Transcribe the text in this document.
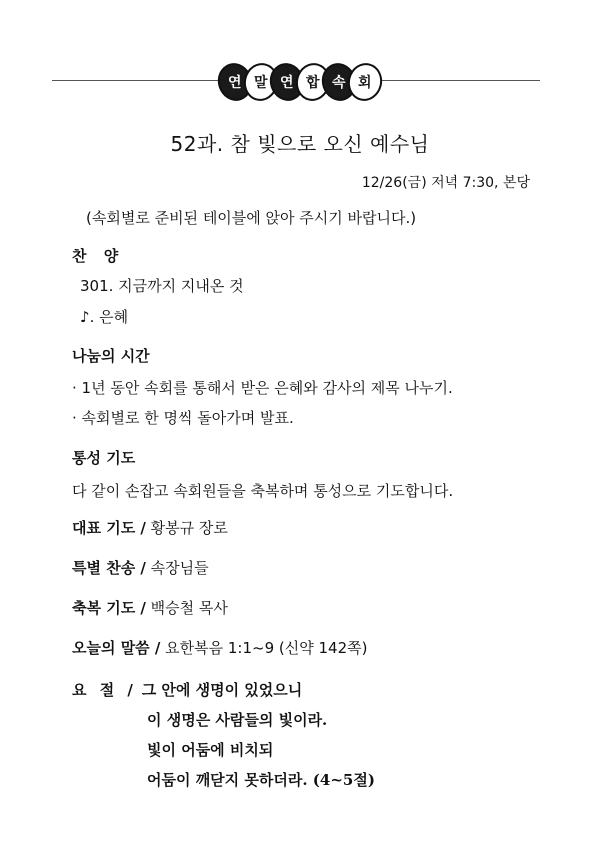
연 말 연 합 속 회
52과. 참 빛으로 오신 예수님
12/26(금) 저녁 7:30, 본당
(속회별로 준비된 테이블에 앉아 주시기 바랍니다.)
찬 양
301. 지금까지 지내온 것
♪. 은혜
나눔의 시간
· 1년 동안 속회를 통해서 받은 은혜와 감사의 제목 나누기.
· 속회별로 한 명씩 돌아가며 발표.
통성 기도
다 같이 손잡고 속회원들을 축복하며 통성으로 기도합니다.
대표 기도 / 황봉규 장로
특별 찬송 / 속장님들
축복 기도 / 백승철 목사
오늘의 말씀 / 요한복음 1:1~9 (신약 142쪽)
요 절 / 그 안에 생명이 있었으니
이 생명은 사람들의 빛이라.
빛이 어둠에 비치되
어둠이 깨닫지 못하더라. (4~5절)
